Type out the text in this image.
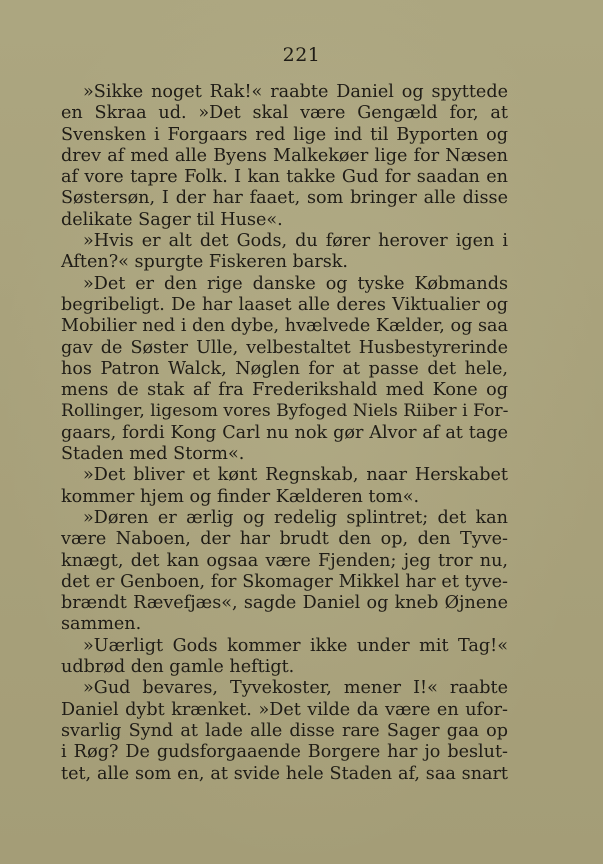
221
»Sikke noget Rak!« raabte Daniel og spyttede
en Skraa ud. »Det skal være Gengæld for, at
Svensken i Forgaars red lige ind til Byporten og
drev af med alle Byens Malkekøer lige for Næsen
af vore tapre Folk. I kan takke Gud for saadan en
Søstersøn, I der har faaet, som bringer alle disse
delikate Sager til Huse«.
»Hvis er alt det Gods, du fører herover igen i
Aften?« spurgte Fiskeren barsk.
»Det er den rige danske og tyske Købmands
begribeligt. De har laaset alle deres Viktualier og
Mobilier ned i den dybe, hvælvede Kælder, og saa
gav de Søster Ulle, velbestaltet Husbestyrerinde
hos Patron Walck, Nøglen for at passe det hele,
mens de stak af fra Frederikshald med Kone og
Rollinger, ligesom vores Byfoged Niels Riiber i For-
gaars, fordi Kong Carl nu nok gør Alvor af at tage
Staden med Storm«.
»Det bliver et kønt Regnskab, naar Herskabet
kommer hjem og finder Kælderen tom«.
»Døren er ærlig og redelig splintret; det kan
være Naboen, der har brudt den op, den Tyve-
knægt, det kan ogsaa være Fjenden; jeg tror nu,
det er Genboen, for Skomager Mikkel har et tyve-
brændt Rævefjæs«, sagde Daniel og kneb Øjnene
sammen.
»Uærligt Gods kommer ikke under mit Tag!«
udbrød den gamle heftigt.
»Gud bevares, Tyvekoster, mener I!« raabte
Daniel dybt krænket. »Det vilde da være en ufor-
svarlig Synd at lade alle disse rare Sager gaa op
i Røg? De gudsforgaaende Borgere har jo beslut-
tet, alle som en, at svide hele Staden af, saa snart
